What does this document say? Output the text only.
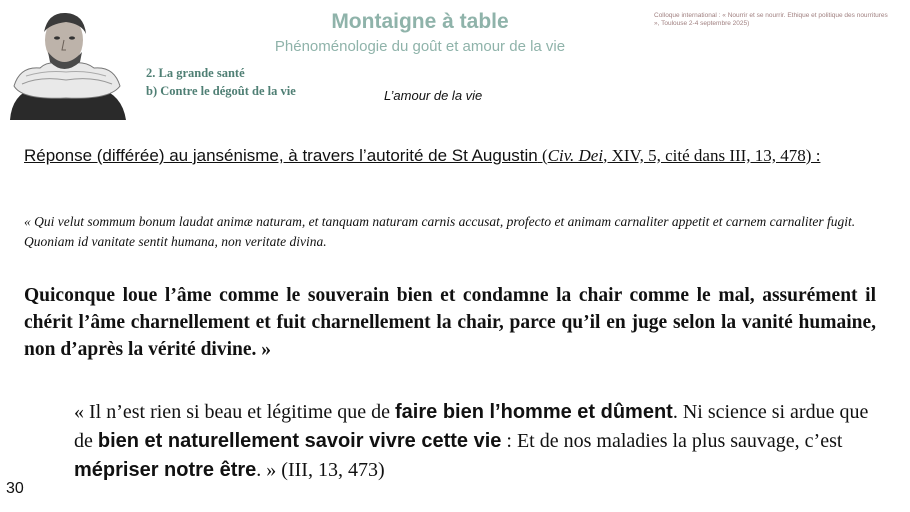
Montaigne à table
Phénoménologie du goût et amour de la vie
Colloque international : « Nourrir et se nourrir. Ethique et politique des nourritures », Toulouse 2-4 septembre 2025)
2. La grande santé
b) Contre le dégoût de la vie	L’amour de la vie
Réponse (différée) au jansénisme, à travers l’autorité de St Augustin (Civ. Dei, XIV, 5, cité dans III, 13, 478) :
« Qui velut sommum bonum laudat animæ naturam, et tanquam naturam carnis accusat, profecto et animam carnaliter appetit et carnem carnaliter fugit. Quoniam id vanitate sentit humana, non veritate divina.
Quiconque loue l’âme comme le souverain bien et condamne la chair comme le mal, assurément il chérit l’âme charnellement et fuit charnellement la chair, parce qu’il en juge selon la vanité humaine, non d’après la vérité divine. »
« Il n’est rien si beau et légitime que de faire bien l’homme et dûment. Ni science si ardue que de bien et naturellement savoir vivre cette vie : Et de nos maladies la plus sauvage, c’est mépriser notre être. » (III, 13, 473)
30
